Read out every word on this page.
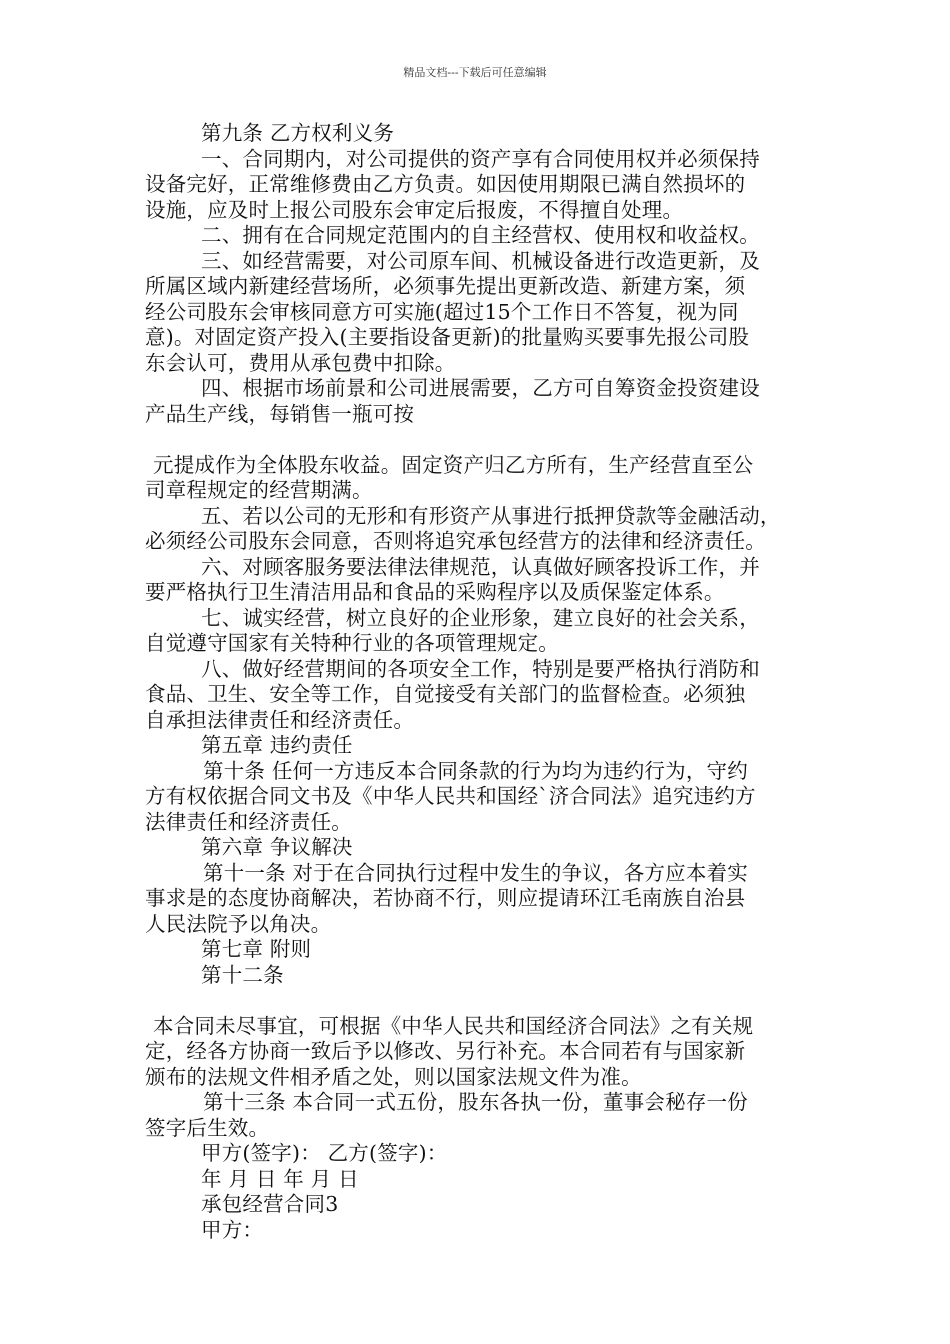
精品文档---下载后可任意编辑
第九条 乙方权利义务
一、合同期内，对公司提供的资产享有合同使用权并必须保持
设备完好，正常维修费由乙方负责。如因使用期限已满自然损坏的
设施，应及时上报公司股东会审定后报废，不得擅自处理。
二、拥有在合同规定范围内的自主经营权、使用权和收益权。
三、如经营需要，对公司原车间、机械设备进行改造更新，及
所属区域内新建经营场所，必须事先提出更新改造、新建方案，须
经公司股东会审核同意方可实施(超过15个工作日不答复，视为同
意)。对固定资产投入(主要指设备更新)的批量购买要事先报公司股
东会认可，费用从承包费中扣除。
四、根据市场前景和公司进展需要，乙方可自筹资金投资建设
产品生产线，每销售一瓶可按
元提成作为全体股东收益。固定资产归乙方所有，生产经营直至公
司章程规定的经营期满。
五、若以公司的无形和有形资产从事进行抵押贷款等金融活动，
必须经公司股东会同意，否则将追究承包经营方的法律和经济责任。
六、对顾客服务要法律法律规范，认真做好顾客投诉工作，并
要严格执行卫生清洁用品和食品的采购程序以及质保鉴定体系。
七、诚实经营，树立良好的企业形象，建立良好的社会关系，
自觉遵守国家有关特种行业的各项管理规定。
八、做好经营期间的各项安全工作，特别是要严格执行消防和
食品、卫生、安全等工作，自觉接受有关部门的监督检查。必须独
自承担法律责任和经济责任。
第五章 违约责任
第十条 任何一方违反本合同条款的行为均为违约行为，守约
方有权依据合同文书及《中华人民共和国经`济合同法》追究违约方
法律责任和经济责任。
第六章 争议解决
第十一条 对于在合同执行过程中发生的争议，各方应本着实
事求是的态度协商解决，若协商不行，则应提请环江毛南族自治县
人民法院予以角决。
第七章 附则
第十二条
本合同未尽事宜，可根据《中华人民共和国经济合同法》之有关规
定，经各方协商一致后予以修改、另行补充。本合同若有与国家新
颁布的法规文件相矛盾之处，则以国家法规文件为准。
第十三条 本合同一式五份，股东各执一份，董事会秘存一份
签字后生效。
甲方(签字)： 乙方(签字)：
年 月 日 年 月 日
承包经营合同3
甲方：
